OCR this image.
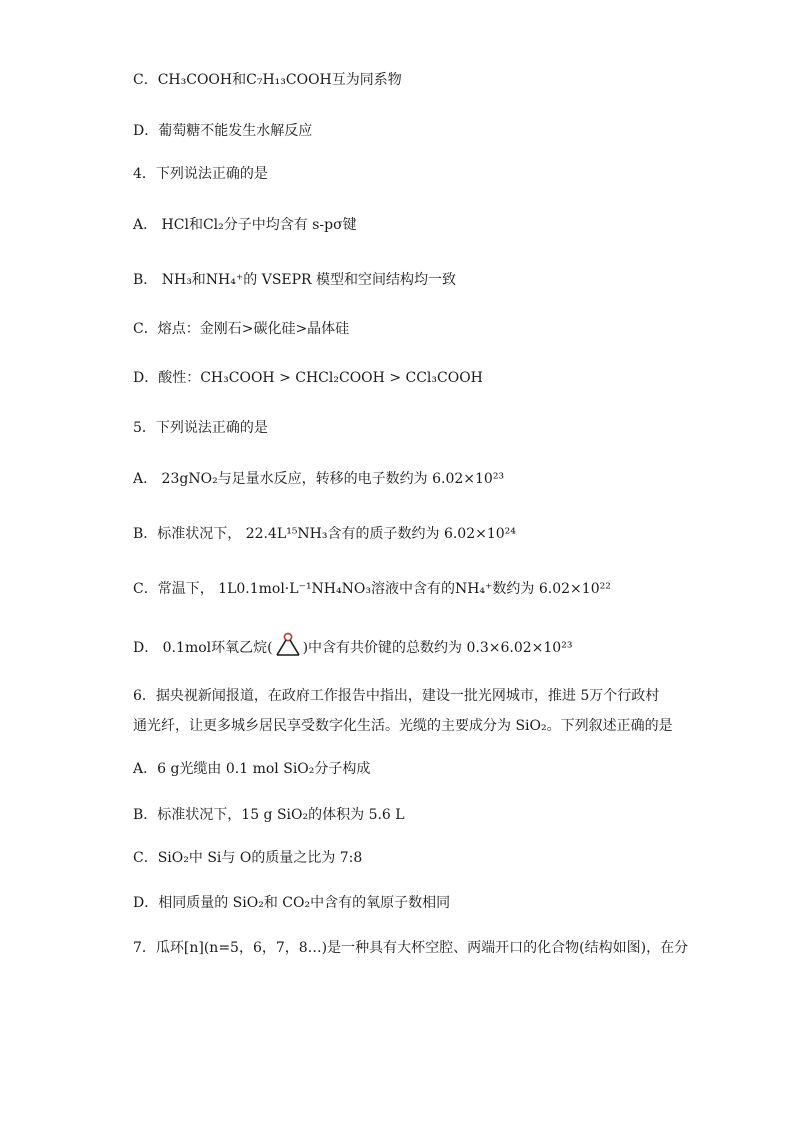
C．CH₃COOH和C₇H₁₃COOH互为同系物
D．葡萄糖不能发生水解反应
4．下列说法正确的是
A． HCl和Cl₂分子中均含有 s-pσ键
B． NH₃和NH₄⁺的 VSEPR 模型和空间结构均一致
C．熔点：金刚石>碳化硅>晶体硅
D．酸性：CH₃COOH > CHCl₂COOH > CCl₃COOH
5．下列说法正确的是
A． 23gNO₂与足量水反应，转移的电子数约为 6.02×10²³
B．标准状况下， 22.4L¹⁵NH₃含有的质子数约为 6.02×10²⁴
C．常温下， 1L0.1mol·L⁻¹NH₄NO₃溶液中含有的NH₄⁺数约为 6.02×10²²
D． 0.1mol环氧乙烷( )中含有共价键的总数约为 0.3×6.02×10²³
6．据央视新闻报道，在政府工作报告中指出，建设一批光网城市，推进 5万个行政村
通光纤，让更多城乡居民享受数字化生活。光缆的主要成分为 SiO₂。下列叙述正确的是
A．6 g光缆由 0.1 mol SiO₂分子构成
B．标准状况下，15 g SiO₂的体积为 5.6 L
C．SiO₂中 Si与 O的质量之比为 7:8
D．相同质量的 SiO₂和 CO₂中含有的氧原子数相同
7．瓜环[n](n=5，6，7，8…)是一种具有大杯空腔、两端开口的化合物(结构如图)，在分
